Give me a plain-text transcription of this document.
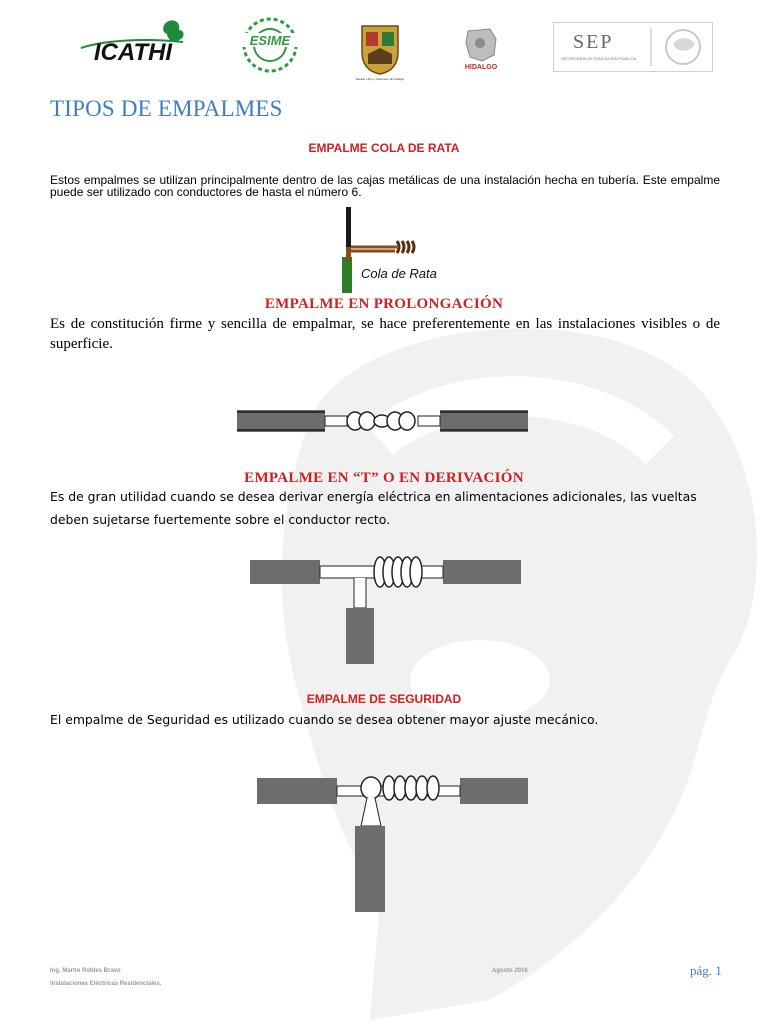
ICATHI	ESIME
Estado Libre y Soberano de Hidalgo
HIDALGO
SEP
SECRETARÍA DE EDUCACIÓN PÚBLICA
TIPOS DE EMPALMES
EMPALME COLA DE RATA
Estos empalmes se utilizan principalmente dentro de las cajas metálicas de una instalación hecha en tubería. Este empalme puede ser utilizado con conductores de hasta el número 6.
Cola de Rata
EMPALME EN PROLONGACIÓN
Es de constitución firme y sencilla de empalmar, se hace preferentemente en las instalaciones visibles o de superficie.
EMPALME EN “T” O EN DERIVACIÓN
Es de gran utilidad cuando se desea derivar energía eléctrica en alimentaciones adicionales, las vueltas deben sujetarse fuertemente sobre el conductor recto.
EMPALME DE SEGURIDAD
El empalme de Seguridad es utilizado cuando se desea obtener mayor ajuste mecánico.
Ing. Martín Robles Bravo
Instalaciones Eléctricas Residenciales.
Agosto 2016	pág. 1
